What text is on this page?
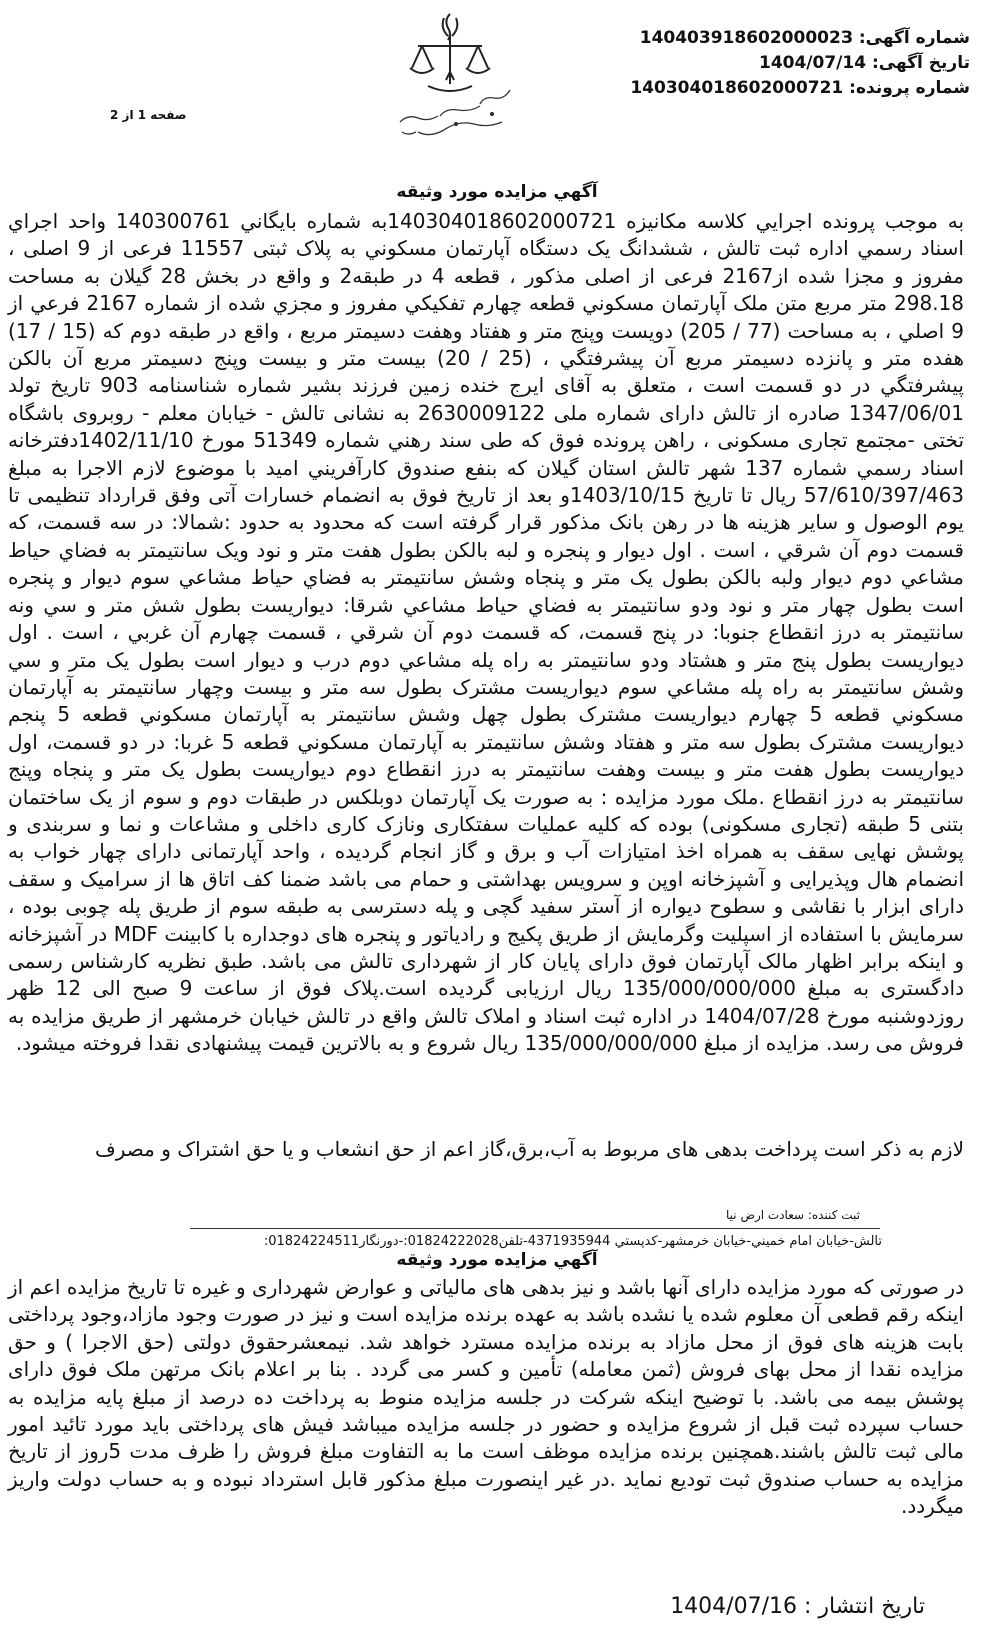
شماره آگهی: 14040391860200002З
تاریخ آگهی: 1404/07/14
شماره پرونده: 140304018602000721
صفحه 1 از 2
آگهي مزايده مورد وثيقه

به موجب پرونده اجرايي كلاسه مكانيزه 140304018602000721به شماره بايگاني 140300761 واحد اجراي اسناد رسمي اداره ثبت تالش ، ششدانگ يک دستگاه آپارتمان مسكوني به پلاک ثبتی 11557 فرعی از 9 اصلی ، مفروز و مجزا شده از2167 فرعی از اصلی مذکور ، قطعه 4 در طبقه2 و واقع در بخش 28 گيلان به مساحت 298.18 متر مربع متن ملک آپارتمان مسكوني قطعه چهارم تفكيكي مفروز و مجزي شده از شماره 2167 فرعي از 9 اصلي ، به مساحت (77 / 205) دويست وپنج متر و هفتاد وهفت دسيمتر مربع ، واقع در طبقه دوم كه (15 / 17) هفده متر و پانزده دسيمتر مربع آن پيشرفتگي ، (25 / 20) بيست متر و بيست وپنج دسيمتر مربع آن بالكن پيشرفتگي در دو قسمت است ، متعلق به آقای ایرج خنده زمین فرزند بشیر شماره شناسنامه 903 تاریخ تولد 1347/06/01 صادره از تالش دارای شماره ملی 2630009122 به نشانی تالش - خیابان معلم - روبروی باشگاه تختی -مجتمع تجاری مسکونی ، راهن پرونده فوق كه طی سند رهني شماره 51349 مورخ 1402/11/10دفترخانه اسناد رسمي شماره 137 شهر تالش استان گيلان كه بنفع صندوق كارآفريني اميد با موضوع لازم الاجرا به مبلغ 57/610/397/463 ريال تا تاریخ 1403/10/15و بعد از تاریخ فوق به انضمام خسارات آتی وفق قرارداد تنظیمی تا یوم الوصول و سایر هزینه ها در رهن بانک مذکور قرار گرفته است كه محدود به حدود :شمالا: در سه قسمت، كه قسمت دوم آن شرقي ، است . اول ديوار و پنجره و لبه بالكن بطول هفت متر و نود ويک سانتيمتر به فضاي حياط مشاعي دوم ديوار ولبه بالكن بطول يک متر و پنجاه وشش سانتيمتر به فضاي حياط مشاعي سوم ديوار و پنجره است بطول چهار متر و نود ودو سانتيمتر به فضاي حياط مشاعي شرقا: ديواريست بطول شش متر و سي ونه سانتيمتر به درز انقطاع جنوبا: در پنج قسمت، كه قسمت دوم آن شرقي ، قسمت چهارم آن غربي ، است . اول ديواريست بطول پنج متر و هشتاد ودو سانتيمتر به راه پله مشاعي دوم درب و ديوار است بطول يک متر و سي وشش سانتيمتر به راه پله مشاعي سوم ديواريست مشترک بطول سه متر و بيست وچهار سانتيمتر به آپارتمان مسكوني قطعه 5 چهارم ديواريست مشترک بطول چهل وشش سانتيمتر به آپارتمان مسكوني قطعه 5 پنجم ديواريست مشترک بطول سه متر و هفتاد وشش سانتيمتر به آپارتمان مسكوني قطعه 5 غربا: در دو قسمت، اول ديواريست بطول هفت متر و بيست وهفت سانتيمتر به درز انقطاع دوم ديواريست بطول يک متر و پنجاه وپنج سانتيمتر به درز انقطاع .ملک مورد مزایده : به صورت یک آپارتمان دوبلکس در طبقات دوم و سوم از یک ساختمان بتنی 5 طبقه (تجاری مسکونی) بوده که کلیه عملیات سفتکاری ونازک کاری داخلی و مشاعات و نما و سربندی و پوشش نهایی سقف به همراه اخذ امتیازات آب و برق و گاز انجام گردیده ، واحد آپارتمانی دارای چهار خواب به انضمام هال وپذیرایی و آشپزخانه اوپن و سرویس بهداشتی و حمام می باشد ضمنا کف اتاق ها از سرامیک و سقف دارای ابزار با نقاشی و سطوح دیواره از آستر سفید گچی و پله دسترسی به طبقه سوم از طریق پله چوبی بوده ، سرمایش با استفاده از اسپلیت وگرمایش از طریق پکیج و رادیاتور و پنجره های دوجداره با کابینت MDF در آشپزخانه و اینکه برابر اظهار مالک آپارتمان فوق دارای پایان کار از شهرداری تالش می باشد. طبق نظریه کارشناس رسمی دادگستری به مبلغ 135/000/000/000 ریال ارزیابی گردیده است.پلاک فوق از ساعت 9 صبح الی 12 ظهر روزدوشنبه مورخ 1404/07/28 در اداره ثبت اسناد و املاک تالش واقع در تالش خیابان خرمشهر از طریق مزایده به فروش می رسد. مزایده از مبلغ 135/000/000/000 ریال شروع و به بالاترین قیمت پیشنهادی نقدا فروخته میشود.

لازم به ذکر است پرداخت بدهی های مربوط به آب،برق،گاز اعم از حق انشعاب و یا حق اشتراک و مصرف
ثبت کننده: سعادت ارض نیا
تالش-خيابان امام خميني-خيابان خرمشهر-کدپستي 4371935944-تلفن01824222028:-دورنگار01824224511:
آگهي مزايده مورد وثيقه

در صورتی که مورد مزایده دارای آنها باشد و نیز بدهی های مالیاتی و عوارض شهرداری و غیره تا تاریخ مزایده اعم از اینکه رقم قطعی آن معلوم شده یا نشده باشد به عهده برنده مزایده است و نیز در صورت وجود مازاد،وجود پرداختی بابت هزینه های فوق از محل مازاد به برنده مزایده مسترد خواهد شد. نیمعشرحقوق دولتی (حق الاجرا ) و حق مزایده نقدا از محل بهای فروش (ثمن معامله) تأمین و کسر می گردد . بنا بر اعلام بانک مرتهن ملک فوق دارای پوشش بیمه می باشد. با توضیح اینکه شرکت در جلسه مزایده منوط به پرداخت ده درصد از مبلغ پایه مزایده به حساب سپرده ثبت قبل از شروع مزایده و حضور در جلسه مزایده میباشد فیش های پرداختی باید مورد تائید امور مالی ثبت تالش باشند.همچنین برنده مزایده موظف است ما به التفاوت مبلغ فروش را ظرف مدت 5روز از تاریخ مزایده به حساب صندوق ثبت تودیع نماید .در غیر اینصورت مبلغ مذکور قابل استرداد نبوده و به حساب دولت واریز میگردد.

تاریخ انتشار : 1404/07/16
